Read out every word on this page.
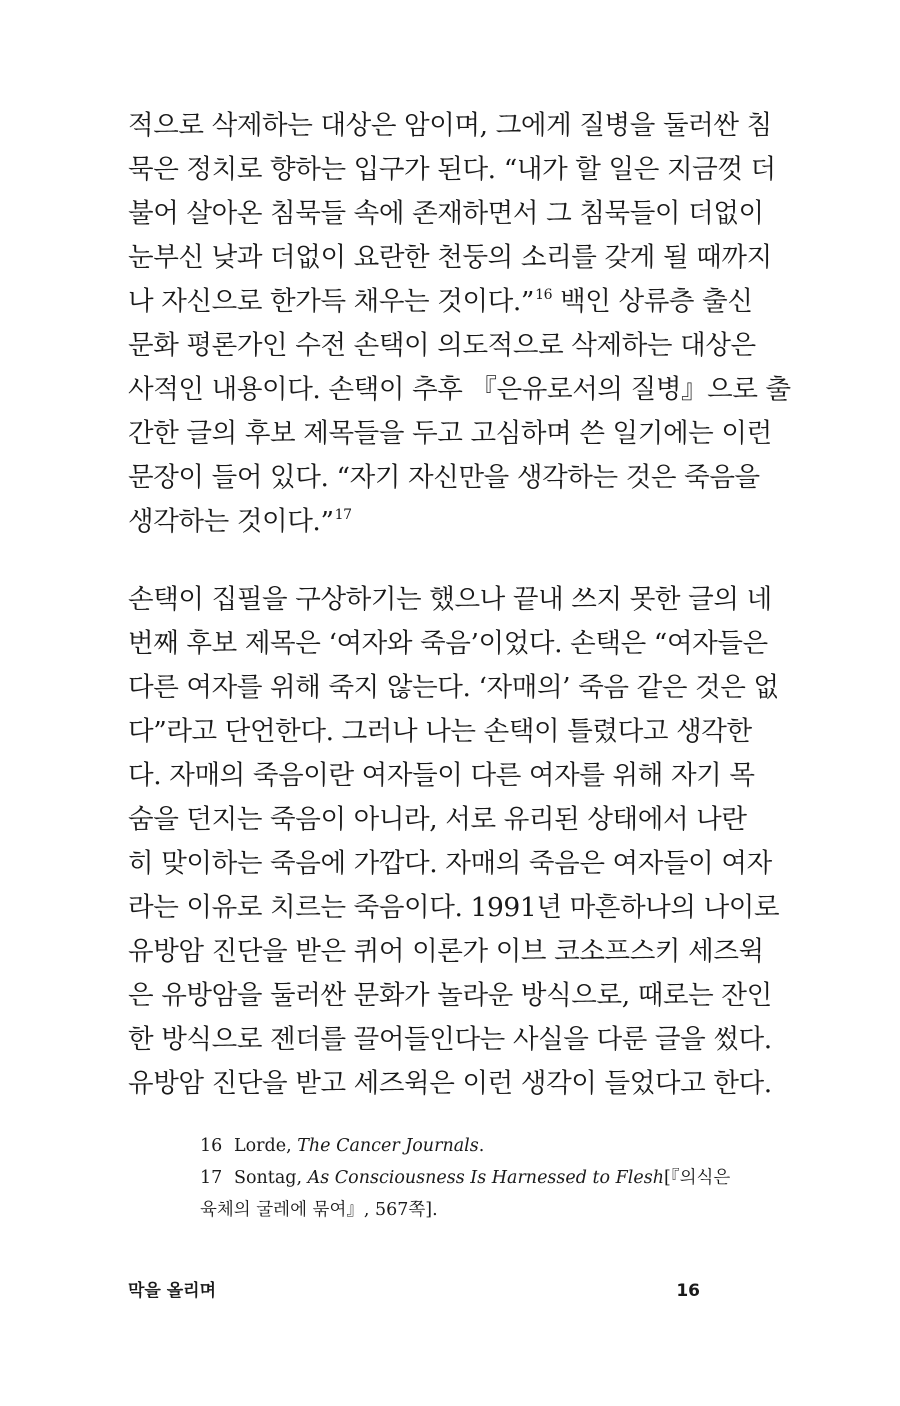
적으로 삭제하는 대상은 암이며, 그에게 질병을 둘러싼 침
묵은 정치로 향하는 입구가 된다. “내가 할 일은 지금껏 더
불어 살아온 침묵들 속에 존재하면서 그 침묵들이 더없이
눈부신 낮과 더없이 요란한 천둥의 소리를 갖게 될 때까지
나 자신으로 한가득 채우는 것이다.”$^{16}$ 백인 상류층 출신
문화 평론가인 수전 손택이 의도적으로 삭제하는 대상은
사적인 내용이다. 손택이 추후 『은유로서의 질병』으로 출
간한 글의 후보 제목들을 두고 고심하며 쓴 일기에는 이런
문장이 들어 있다. “자기 자신만을 생각하는 것은 죽음을
생각하는 것이다.”$^{17}$
손택이 집필을 구상하기는 했으나 끝내 쓰지 못한 글의 네
번째 후보 제목은 ‘여자와 죽음’이었다. 손택은 “여자들은
다른 여자를 위해 죽지 않는다. ‘자매의’ 죽음 같은 것은 없
다”라고 단언한다. 그러나 나는 손택이 틀렸다고 생각한
다. 자매의 죽음이란 여자들이 다른 여자를 위해 자기 목
숨을 던지는 죽음이 아니라, 서로 유리된 상태에서 나란
히 맞이하는 죽음에 가깝다. 자매의 죽음은 여자들이 여자
라는 이유로 치르는 죽음이다. 1991년 마흔하나의 나이로
유방암 진단을 받은 퀴어 이론가 이브 코소프스키 세즈윅
은 유방암을 둘러싼 문화가 놀라운 방식으로, 때로는 잔인
한 방식으로 젠더를 끌어들인다는 사실을 다룬 글을 썼다.
유방암 진단을 받고 세즈윅은 이런 생각이 들었다고 한다.
16 Lorde, The Cancer Journals.
17 Sontag, As Consciousness Is Harnessed to Flesh[『의식은
육체의 굴레에 묶여』, 567쪽].
막을 올리며	16
